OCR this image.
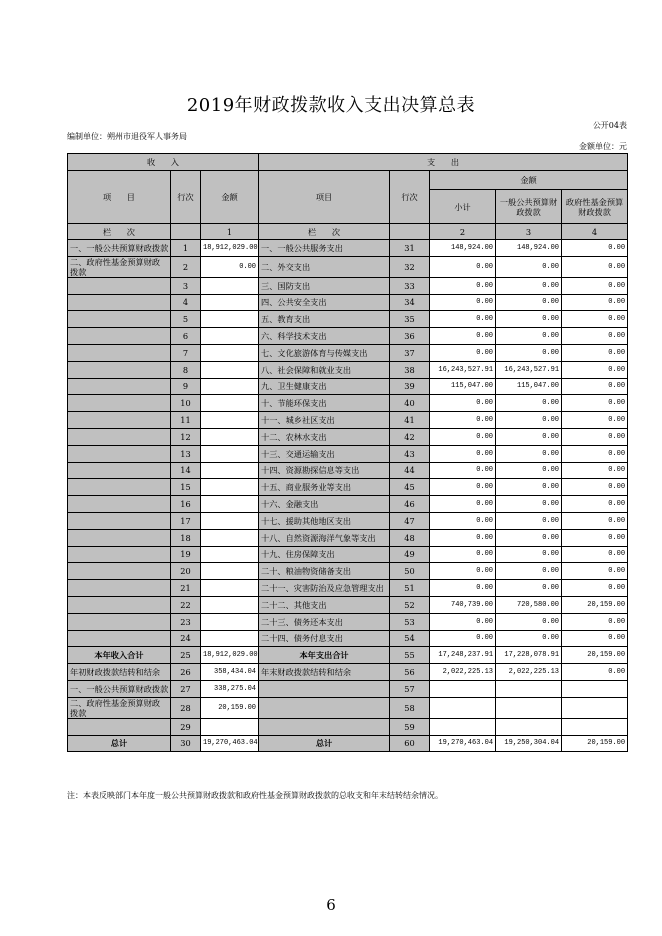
2019年财政拨款收入支出决算总表
公开04表
编制单位：朔州市退役军人事务局
金额单位：元
收      入			支      出				
项      目	行次	金额	项目	行次	金额		
					小计	一般公共预算财政拨款	政府性基金预算财政拨款
栏      次		1	栏      次		2	3	4
一、一般公共预算财政拨款	1	18,912,029.00	一、一般公共服务支出	31	148,924.00	148,924.00	0.00
二、政府性基金预算财政拨款	2	0.00	二、外交支出	32	0.00	0.00	0.00
	3		三、国防支出	33	0.00	0.00	0.00
	4		四、公共安全支出	34	0.00	0.00	0.00
	5		五、教育支出	35	0.00	0.00	0.00
	6		六、科学技术支出	36	0.00	0.00	0.00
	7		七、文化旅游体育与传媒支出	37	0.00	0.00	0.00
	8		八、社会保障和就业支出	38	16,243,527.91	16,243,527.91	0.00
	9		九、卫生健康支出	39	115,047.00	115,047.00	0.00
	10		十、节能环保支出	40	0.00	0.00	0.00
	11		十一、城乡社区支出	41	0.00	0.00	0.00
	12		十二、农林水支出	42	0.00	0.00	0.00
	13		十三、交通运输支出	43	0.00	0.00	0.00
	14		十四、资源勘探信息等支出	44	0.00	0.00	0.00
	15		十五、商业服务业等支出	45	0.00	0.00	0.00
	16		十六、金融支出	46	0.00	0.00	0.00
	17		十七、援助其他地区支出	47	0.00	0.00	0.00
	18		十八、自然资源海洋气象等支出	48	0.00	0.00	0.00
	19		十九、住房保障支出	49	0.00	0.00	0.00
	20		二十、粮油物资储备支出	50	0.00	0.00	0.00
	21		二十一、灾害防治及应急管理支出	51	0.00	0.00	0.00
	22		二十二、其他支出	52	740,739.00	720,580.00	20,159.00
	23		二十三、债务还本支出	53	0.00	0.00	0.00
	24		二十四、债务付息支出	54	0.00	0.00	0.00
本年收入合计	25	18,912,029.00	本年支出合计	55	17,248,237.91	17,228,078.91	20,159.00
年初财政拨款结转和结余	26	358,434.04	年末财政拨款结转和结余	56	2,022,225.13	2,022,225.13	0.00
一、一般公共预算财政拨款	27	338,275.04		57			
二、政府性基金预算财政拨款	28	20,159.00		58			
	29			59			
总计	30	19,270,463.04	总计	60	19,270,463.04	19,250,304.04	20,159.00
注：本表反映部门本年度一般公共预算财政拨款和政府性基金预算财政拨款的总收支和年末结转结余情况。
6
